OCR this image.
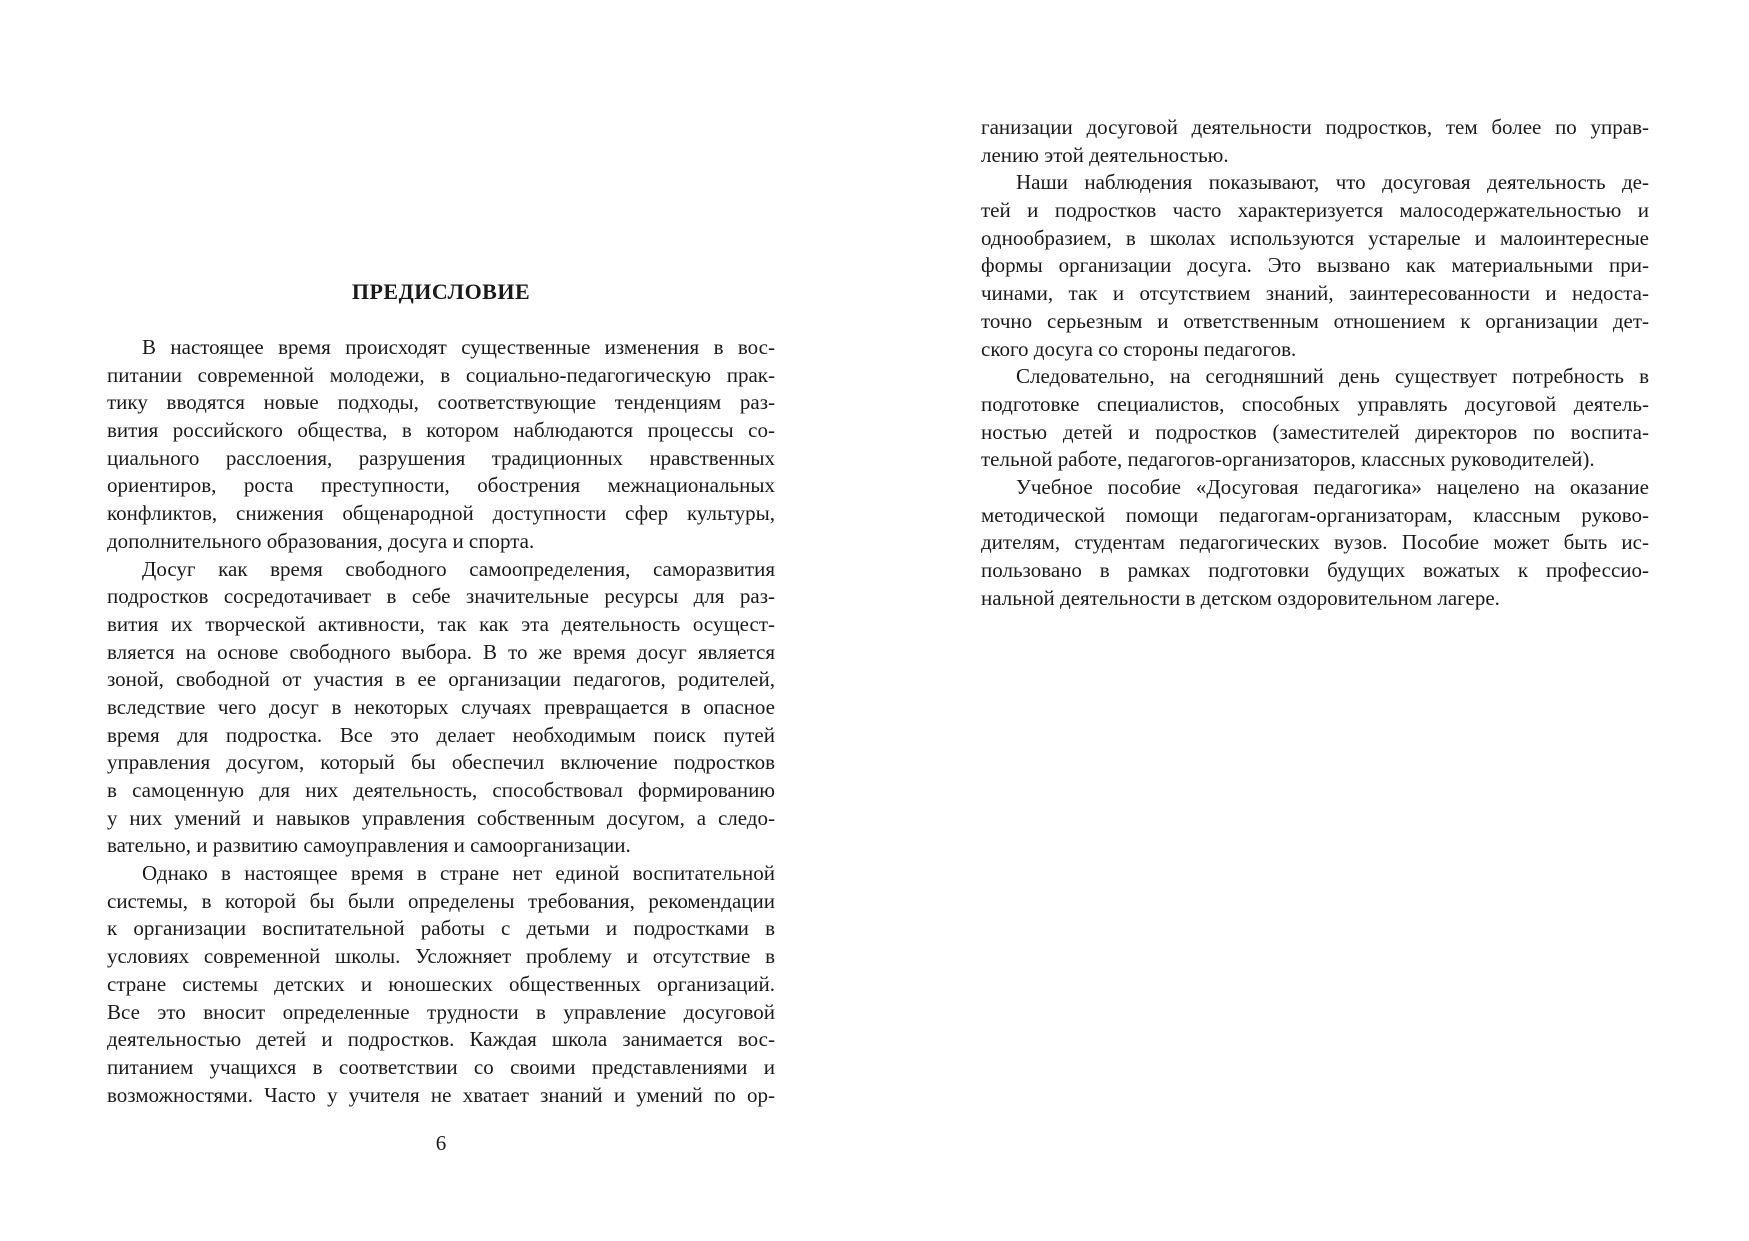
ПРЕДИСЛОВИЕ
В настоящее время происходят существенные изменения в вос-
питании современной молодежи, в социально-педагогическую прак-
тику вводятся новые подходы, соответствующие тенденциям раз-
вития российского общества, в котором наблюдаются процессы со-
циального расслоения, разрушения традиционных нравственных
ориентиров, роста преступности, обострения межнациональных
конфликтов, снижения общенародной доступности сфер культуры,
дополнительного образования, досуга и спорта.
Досуг как время свободного самоопределения, саморазвития
подростков сосредотачивает в себе значительные ресурсы для раз-
вития их творческой активности, так как эта деятельность осущест-
вляется на основе свободного выбора. В то же время досуг является
зоной, свободной от участия в ее организации педагогов, родителей,
вследствие чего досуг в некоторых случаях превращается в опасное
время для подростка. Все это делает необходимым поиск путей
управления досугом, который бы обеспечил включение подростков
в самоценную для них деятельность, способствовал формированию
у них умений и навыков управления собственным досугом, а следо-
вательно, и развитию самоуправления и самоорганизации.
Однако в настоящее время в стране нет единой воспитательной
системы, в которой бы были определены требования, рекомендации
к организации воспитательной работы с детьми и подростками в
условиях современной школы. Усложняет проблему и отсутствие в
стране системы детских и юношеских общественных организаций.
Все это вносит определенные трудности в управление досуговой
деятельностью детей и подростков. Каждая школа занимается вос-
питанием учащихся в соответствии со своими представлениями и
возможностями. Часто у учителя не хватает знаний и умений по ор-
6
ганизации досуговой деятельности подростков, тем более по управ-
лению этой деятельностью.
Наши наблюдения показывают, что досуговая деятельность де-
тей и подростков часто характеризуется малосодержательностью и
однообразием, в школах используются устарелые и малоинтересные
формы организации досуга. Это вызвано как материальными при-
чинами, так и отсутствием знаний, заинтересованности и недоста-
точно серьезным и ответственным отношением к организации дет-
ского досуга со стороны педагогов.
Следовательно, на сегодняшний день существует потребность в
подготовке специалистов, способных управлять досуговой деятель-
ностью детей и подростков (заместителей директоров по воспита-
тельной работе, педагогов-организаторов, классных руководителей).
Учебное пособие «Досуговая педагогика» нацелено на оказание
методической помощи педагогам-организаторам, классным руково-
дителям, студентам педагогических вузов. Пособие может быть ис-
пользовано в рамках подготовки будущих вожатых к профессио-
нальной деятельности в детском оздоровительном лагере.
